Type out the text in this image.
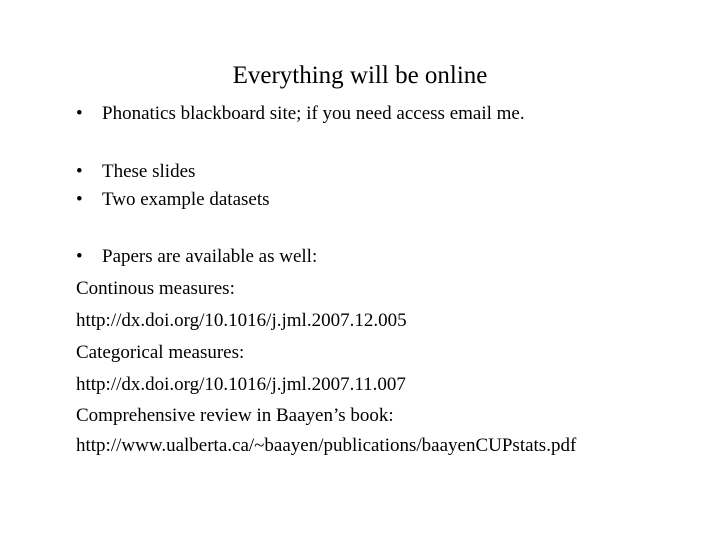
Everything will be online
• Phonatics blackboard site; if you need access email me.
• These slides
• Two example datasets
• Papers are available as well:
Continous measures:
http://dx.doi.org/10.1016/j.jml.2007.12.005
Categorical measures:
http://dx.doi.org/10.1016/j.jml.2007.11.007
Comprehensive review in Baayen’s book:
http://www.ualberta.ca/~baayen/publications/baayenCUPstats.pdf
